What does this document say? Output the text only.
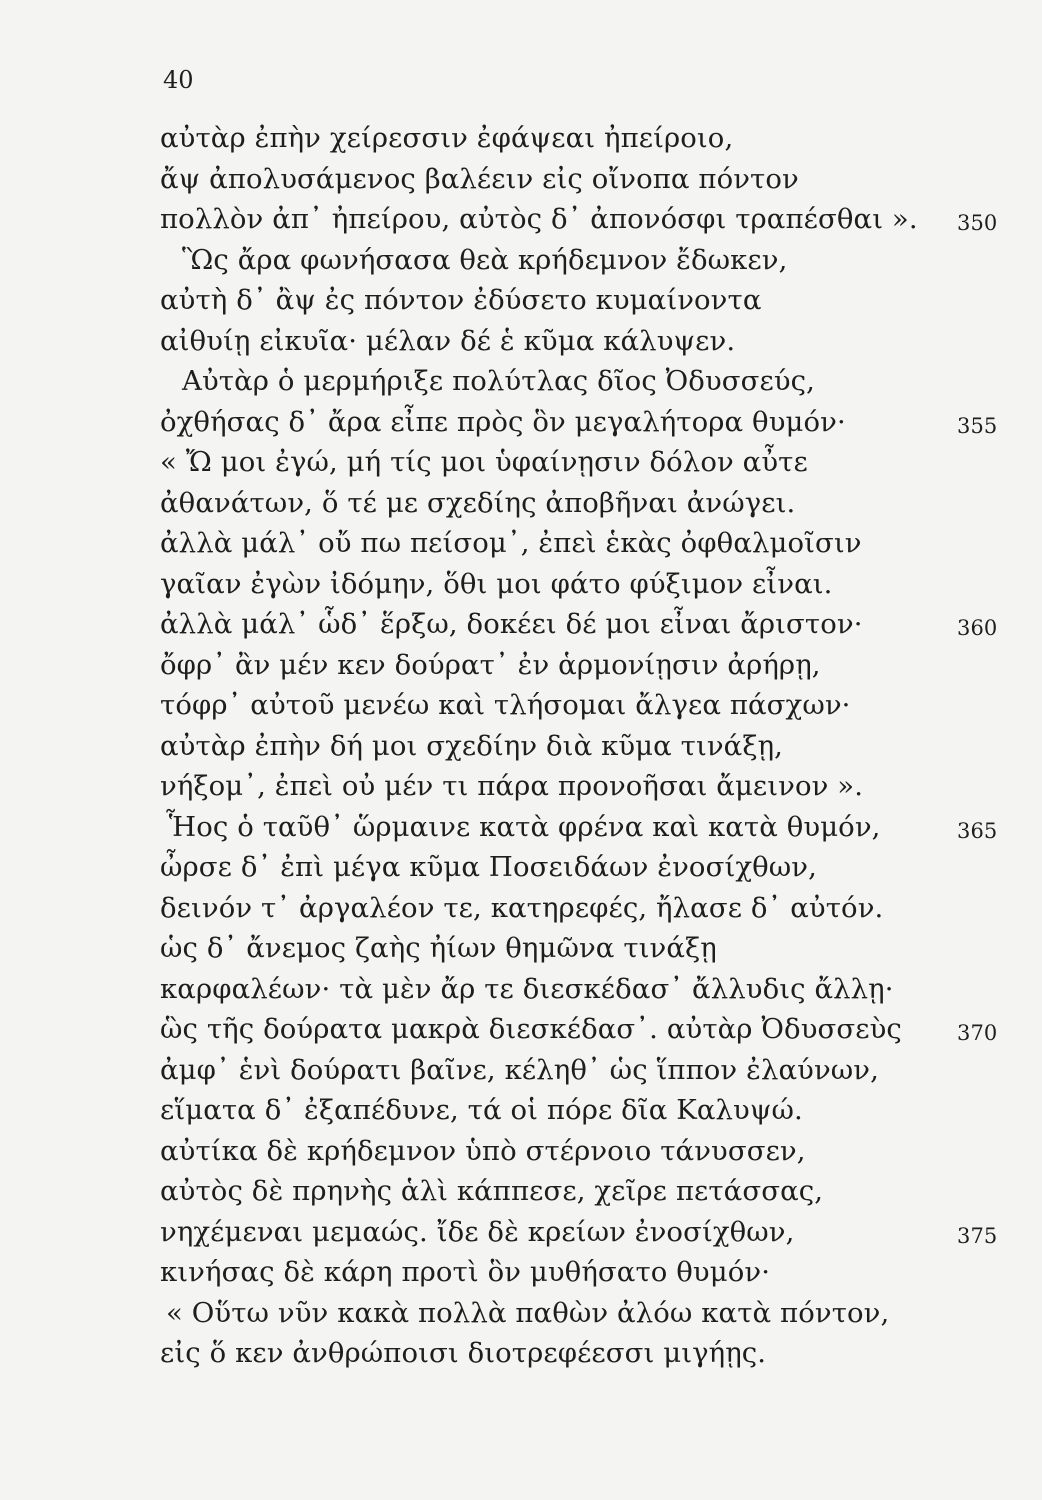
40
αὐτὰρ ἐπὴν χείρεσσιν ἐφάψεαι ἠπείροιο,
ἄψ ἀπολυσάμενος βαλέειν εἰς οἴνοπα πόντον
πολλὸν ἀπ᾽ ἠπείρου, αὐτὸς δ᾽ ἀπονόσφι τραπέσθαι ». 350
Ὣς ἄρα φωνήσασα θεὰ κρήδεμνον ἔδωκεν,
αὐτὴ δ᾽ ἂψ ἐς πόντον ἐδύσετο κυμαίνοντα
αἰθυίῃ εἰκυῖα· μέλαν δέ ἑ κῦμα κάλυψεν.
Αὐτὰρ ὁ μερμήριξε πολύτλας δῖος Ὀδυσσεύς,
ὀχθήσας δ᾽ ἄρα εἶπε πρὸς ὃν μεγαλήτορα θυμόν·	355
« Ὤ μοι ἐγώ, μή τίς μοι ὑφαίνῃσιν δόλον αὖτε
ἀθανάτων, ὅ τέ με σχεδίης ἀποβῆναι ἀνώγει.
ἀλλὰ μάλ᾽ οὔ πω πείσομ᾽, ἐπεὶ ἑκὰς ὀφθαλμοῖσιν
γαῖαν ἐγὼν ἰδόμην, ὅθι μοι φάτο φύξιμον εἶναι.
ἀλλὰ μάλ᾽ ὧδ᾽ ἕρξω, δοκέει δέ μοι εἶναι ἄριστον·	360
ὄφρ᾽ ἂν μέν κεν δούρατ᾽ ἐν ἁρμονίῃσιν ἀρήρῃ,
τόφρ᾽ αὐτοῦ μενέω καὶ τλήσομαι ἄλγεα πάσχων·
αὐτὰρ ἐπὴν δή μοι σχεδίην διὰ κῦμα τινάξῃ,
νήξομ᾽, ἐπεὶ οὐ μέν τι πάρα προνοῆσαι ἄμεινον ».
Ἧος ὁ ταῦθ᾽ ὥρμαινε κατὰ φρένα καὶ κατὰ θυμόν,	365
ὦρσε δ᾽ ἐπὶ μέγα κῦμα Ποσειδάων ἐνοσίχθων,
δεινόν τ᾽ ἀργαλέον τε, κατηρεφές, ἤλασε δ᾽ αὐτόν.
ὡς δ᾽ ἄνεμος ζαὴς ἠίων θημῶνα τινάξῃ
καρφαλέων· τὰ μὲν ἄρ τε διεσκέδασ᾽ ἄλλυδις ἄλλῃ·
ὣς τῆς δούρατα μακρὰ διεσκέδασ᾽. αὐτὰρ Ὀδυσσεὺς	370
ἀμφ᾽ ἑνὶ δούρατι βαῖνε, κέληθ᾽ ὡς ἵππον ἐλαύνων,
εἵματα δ᾽ ἐξαπέδυνε, τά οἱ πόρε δῖα Καλυψώ.
αὐτίκα δὲ κρήδεμνον ὑπὸ στέρνοιο τάνυσσεν,
αὐτὸς δὲ πρηνὴς ἁλὶ κάππεσε, χεῖρε πετάσσας,
νηχέμεναι μεμαώς. ἴδε δὲ κρείων ἐνοσίχθων,	375
κινήσας δὲ κάρη προτὶ ὃν μυθήσατο θυμόν·
« Οὕτω νῦν κακὰ πολλὰ παθὼν ἀλόω κατὰ πόντον,
εἰς ὅ κεν ἀνθρώποισι διοτρεφέεσσι μιγήῃς.
